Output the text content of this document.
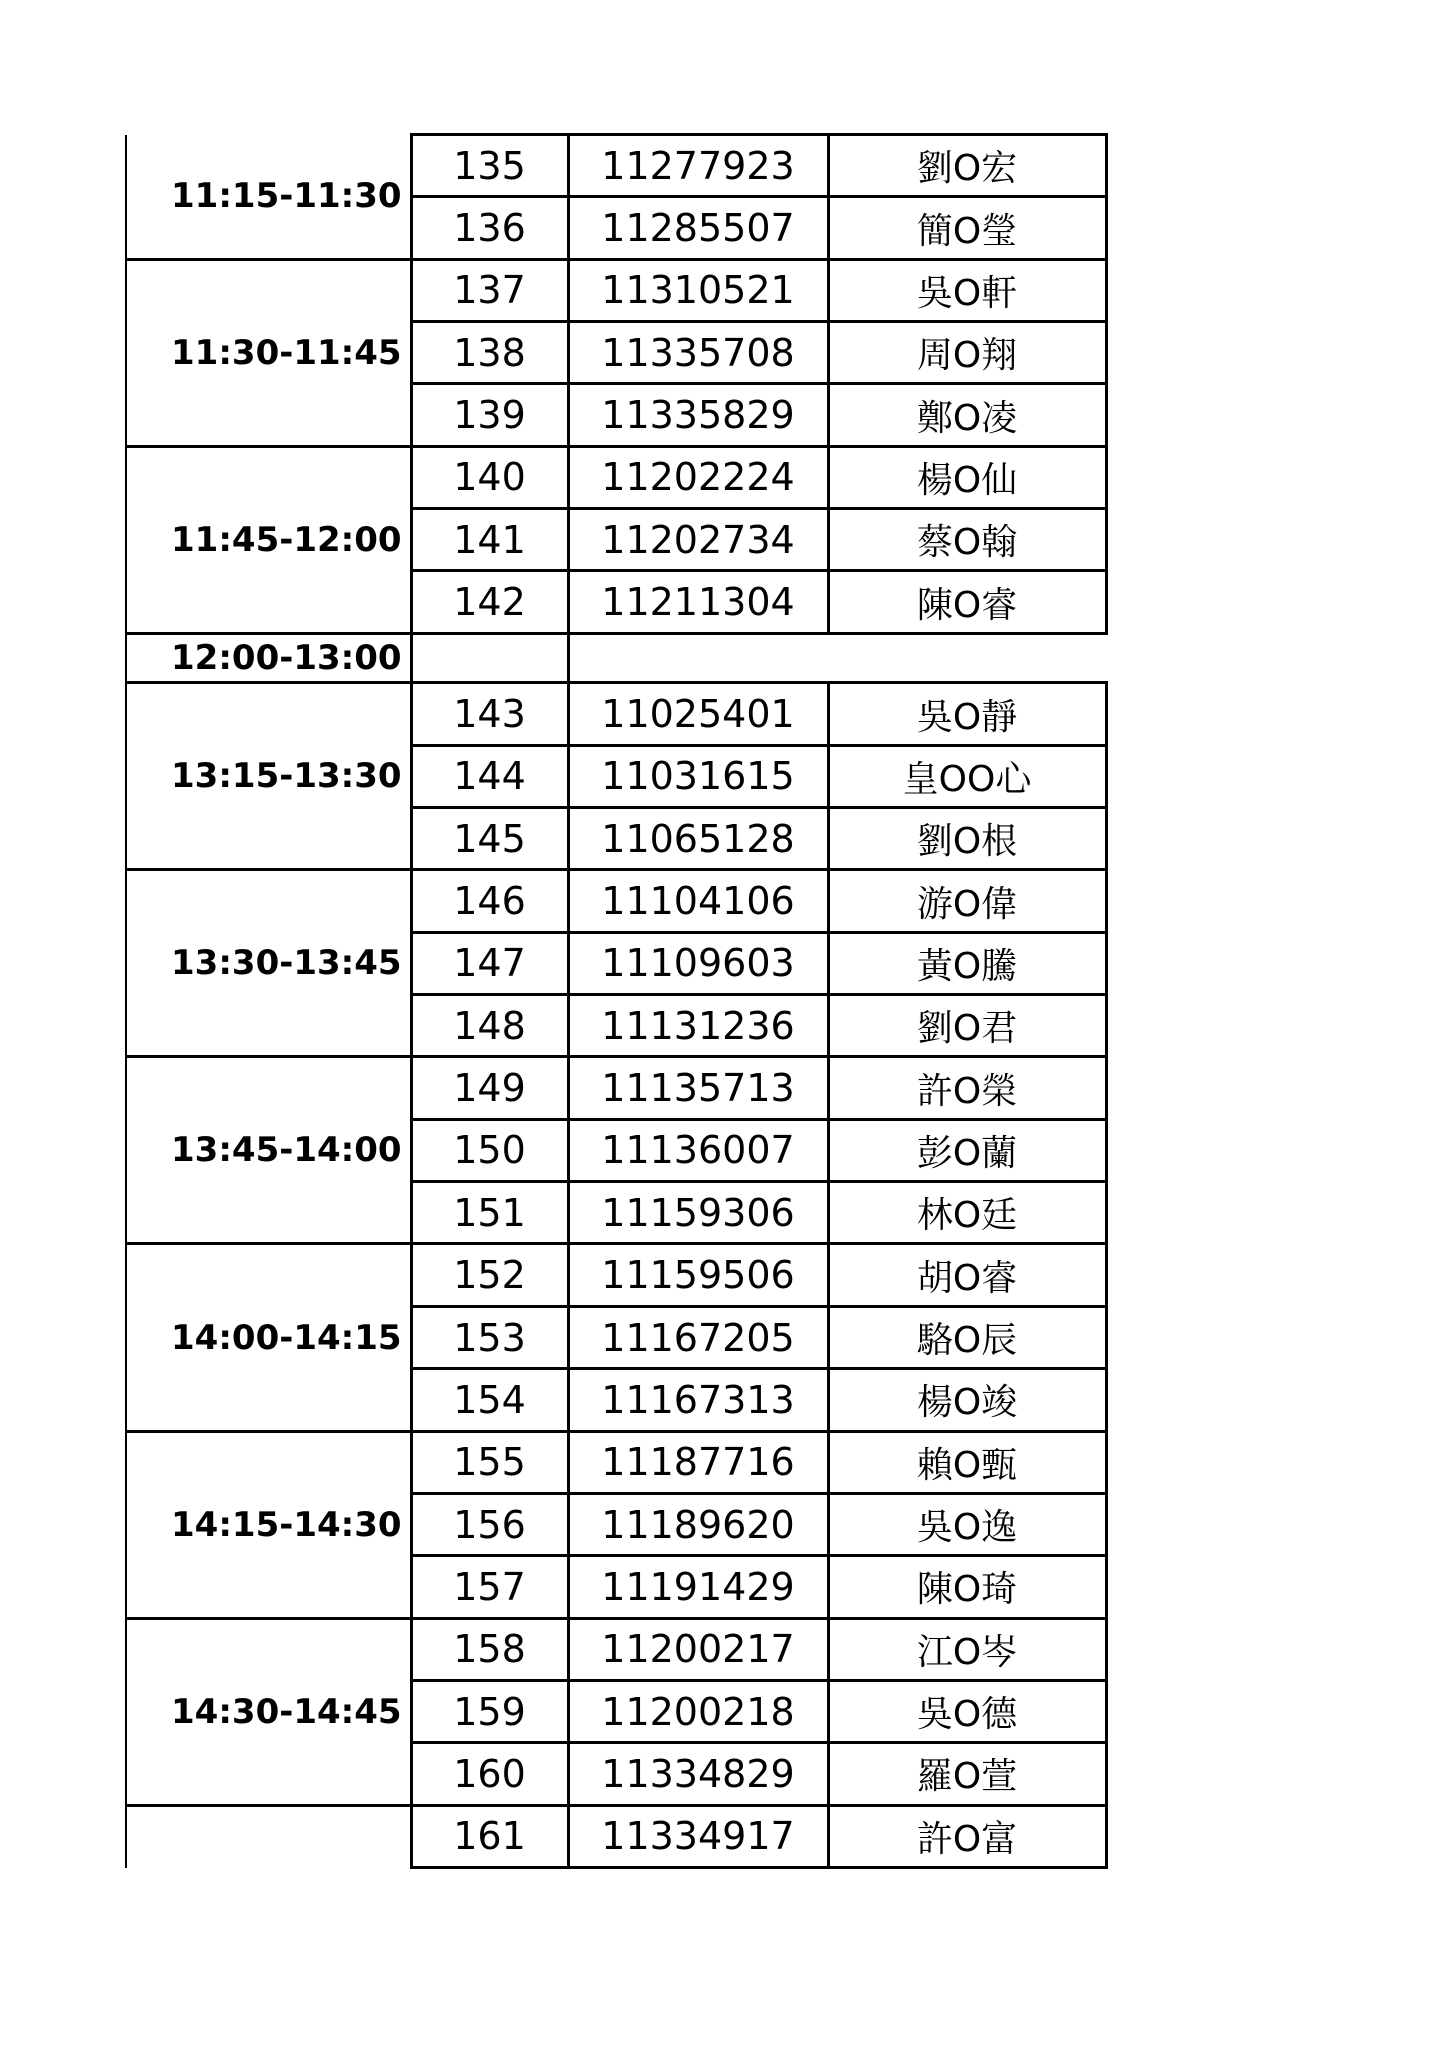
11:15-11:30	135	11277923	劉O宏
	136	11285507	簡O瑩
11:30-11:45	137	11310521	吳O軒
	138	11335708	周O翔
	139	11335829	鄭O凌
11:45-12:00	140	11202224	楊O仙
	141	11202734	蔡O翰
	142	11211304	陳O睿
12:00-13:00			
13:15-13:30	143	11025401	吳O靜
	144	11031615	皇OO心
	145	11065128	劉O根
13:30-13:45	146	11104106	游O偉
	147	11109603	黃O騰
	148	11131236	劉O君
13:45-14:00	149	11135713	許O榮
	150	11136007	彭O蘭
	151	11159306	林O廷
14:00-14:15	152	11159506	胡O睿
	153	11167205	駱O辰
	154	11167313	楊O竣
14:15-14:30	155	11187716	賴O甄
	156	11189620	吳O逸
	157	11191429	陳O琦
14:30-14:45	158	11200217	江O岑
	159	11200218	吳O德
	160	11334829	羅O萱
	161	11334917	許O富
